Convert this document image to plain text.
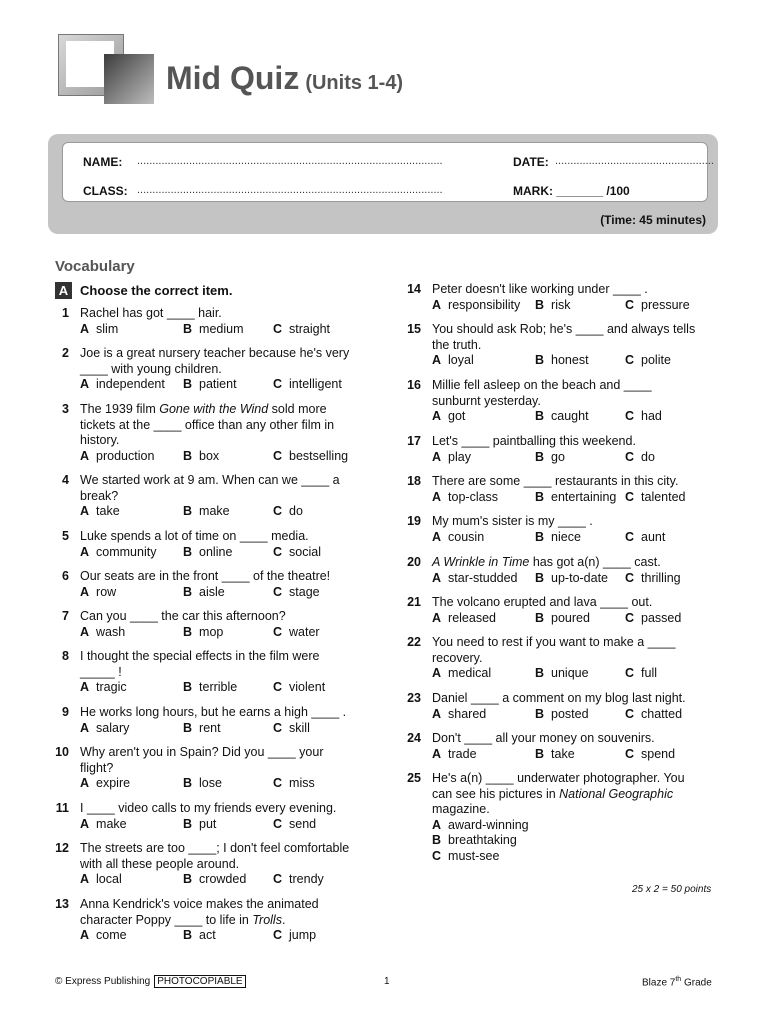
Mid Quiz (Units 1-4)
NAME: ....................................................................................................	DATE: ....................................................
CLASS: ....................................................................................................	MARK: _______ /100
(Time: 45 minutes)
Vocabulary
A Choose the correct item.
1 Rachel has got ____ hair.
A slim	B medium C straight
2 Joe is a great nursery teacher because he's very
____ with young children.
A independent B patient	C intelligent
3 The 1939 film Gone with the Wind sold more
tickets at the ____ office than any other film in
history.
A production B box	C bestselling
4 We started work at 9 am. When can we ____ a
break?
A take	B make	C do
5 Luke spends a lot of time on ____ media.
A community B online	C social
6 Our seats are in the front ____ of the theatre!
A row	B aisle	C stage
7 Can you ____ the car this afternoon?
A wash	B mop	C water
8 I thought the special effects in the film were
_____ !
A tragic	B terrible	C violent
9 He works long hours, but he earns a high ____ .
A salary	B rent	C skill
10 Why aren't you in Spain? Did you ____ your
flight?
A expire	B lose	C miss
11 I ____ video calls to my friends every evening.
A make	B put	C send
12 The streets are too ____; I don't feel comfortable
with all these people around.
A local	B crowded C trendy
13 Anna Kendrick's voice makes the animated
character Poppy ____ to life in Trolls.
A come	B act	C jump
14 Peter doesn't like working under ____ .
A responsibility B risk	C pressure
15 You should ask Rob; he's ____ and always tells
the truth.
A loyal	B honest	C polite
16 Millie fell asleep on the beach and ____
sunburnt yesterday.
A got	B caught	C had
17 Let's ____ paintballing this weekend.
A play	B go	C do
18 There are some ____ restaurants in this city.
A top-class	B entertaining C talented
19 My mum's sister is my ____ .
A cousin	B niece	C aunt
20 A Wrinkle in Time has got a(n) ____ cast.
A star-studded B up-to-date C thrilling
21 The volcano erupted and lava ____ out.
A released	B poured	C passed
22 You need to rest if you want to make a ____
recovery.
A medical	B unique	C full
23 Daniel ____ a comment on my blog last night.
A shared	B posted	C chatted
24 Don't ____ all your money on souvenirs.
A trade	B take	C spend
25 He's a(n) ____ underwater photographer. You
can see his pictures in National Geographic
magazine.
A award-winning
B breathtaking
C must-see
25 x 2 = 50 points
© Express Publishing PHOTOCOPIABLE	1	Blaze 7th Grade
